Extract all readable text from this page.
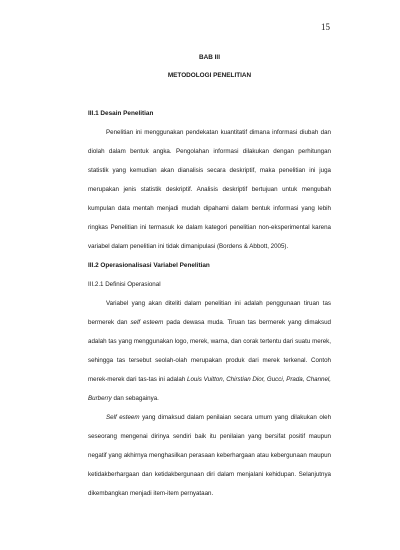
15

BAB III

METODOLOGI PENELITIAN

III.1 Desain Penelitian

Penelitian ini menggunakan pendekatan kuantitatif dimana informasi diubah dan diolah dalam bentuk angka. Pengolahan informasi dilakukan dengan perhitungan statistik yang kemudian akan dianalisis secara deskriptif, maka penelitian ini juga merupakan jenis statistik deskriptif. Analisis deskriptif bertujuan untuk mengubah kumpulan data mentah menjadi mudah dipahami dalam bentuk informasi yang lebih ringkas Penelitian ini termasuk ke dalam kategori penelitian non-eksperimental karena variabel dalam penelitian ini tidak dimanipulasi (Bordens & Abbott, 2005).

III.2 Operasionalisasi Variabel Penelitian

III.2.1 Definisi Operasional

Variabel yang akan diteliti dalam penelitian ini adalah penggunaan tiruan tas bermerek dan self esteem pada dewasa muda. Tiruan tas bermerek yang dimaksud adalah tas yang menggunakan logo, merek, warna, dan corak tertentu dari suatu merek, sehingga tas tersebut seolah-olah merupakan produk dari merek terkenal. Contoh merek-merek dari tas-tas ini adalah Louis Vuitton, Chirstian Dior, Gucci, Prada, Channel, Burberry dan sebagainya.

Self esteem yang dimaksud dalam penilaian secara umum yang dilakukan oleh seseorang mengenai dirinya sendiri baik itu penilaian yang bersifat positif maupun negatif yang akhirnya menghasilkan perasaan keberhargaan atau kebergunaan maupun ketidakberhargaan dan ketidakbergunaan diri dalam menjalani kehidupan. Selanjutnya dikembangkan menjadi item-item pernyataan.
